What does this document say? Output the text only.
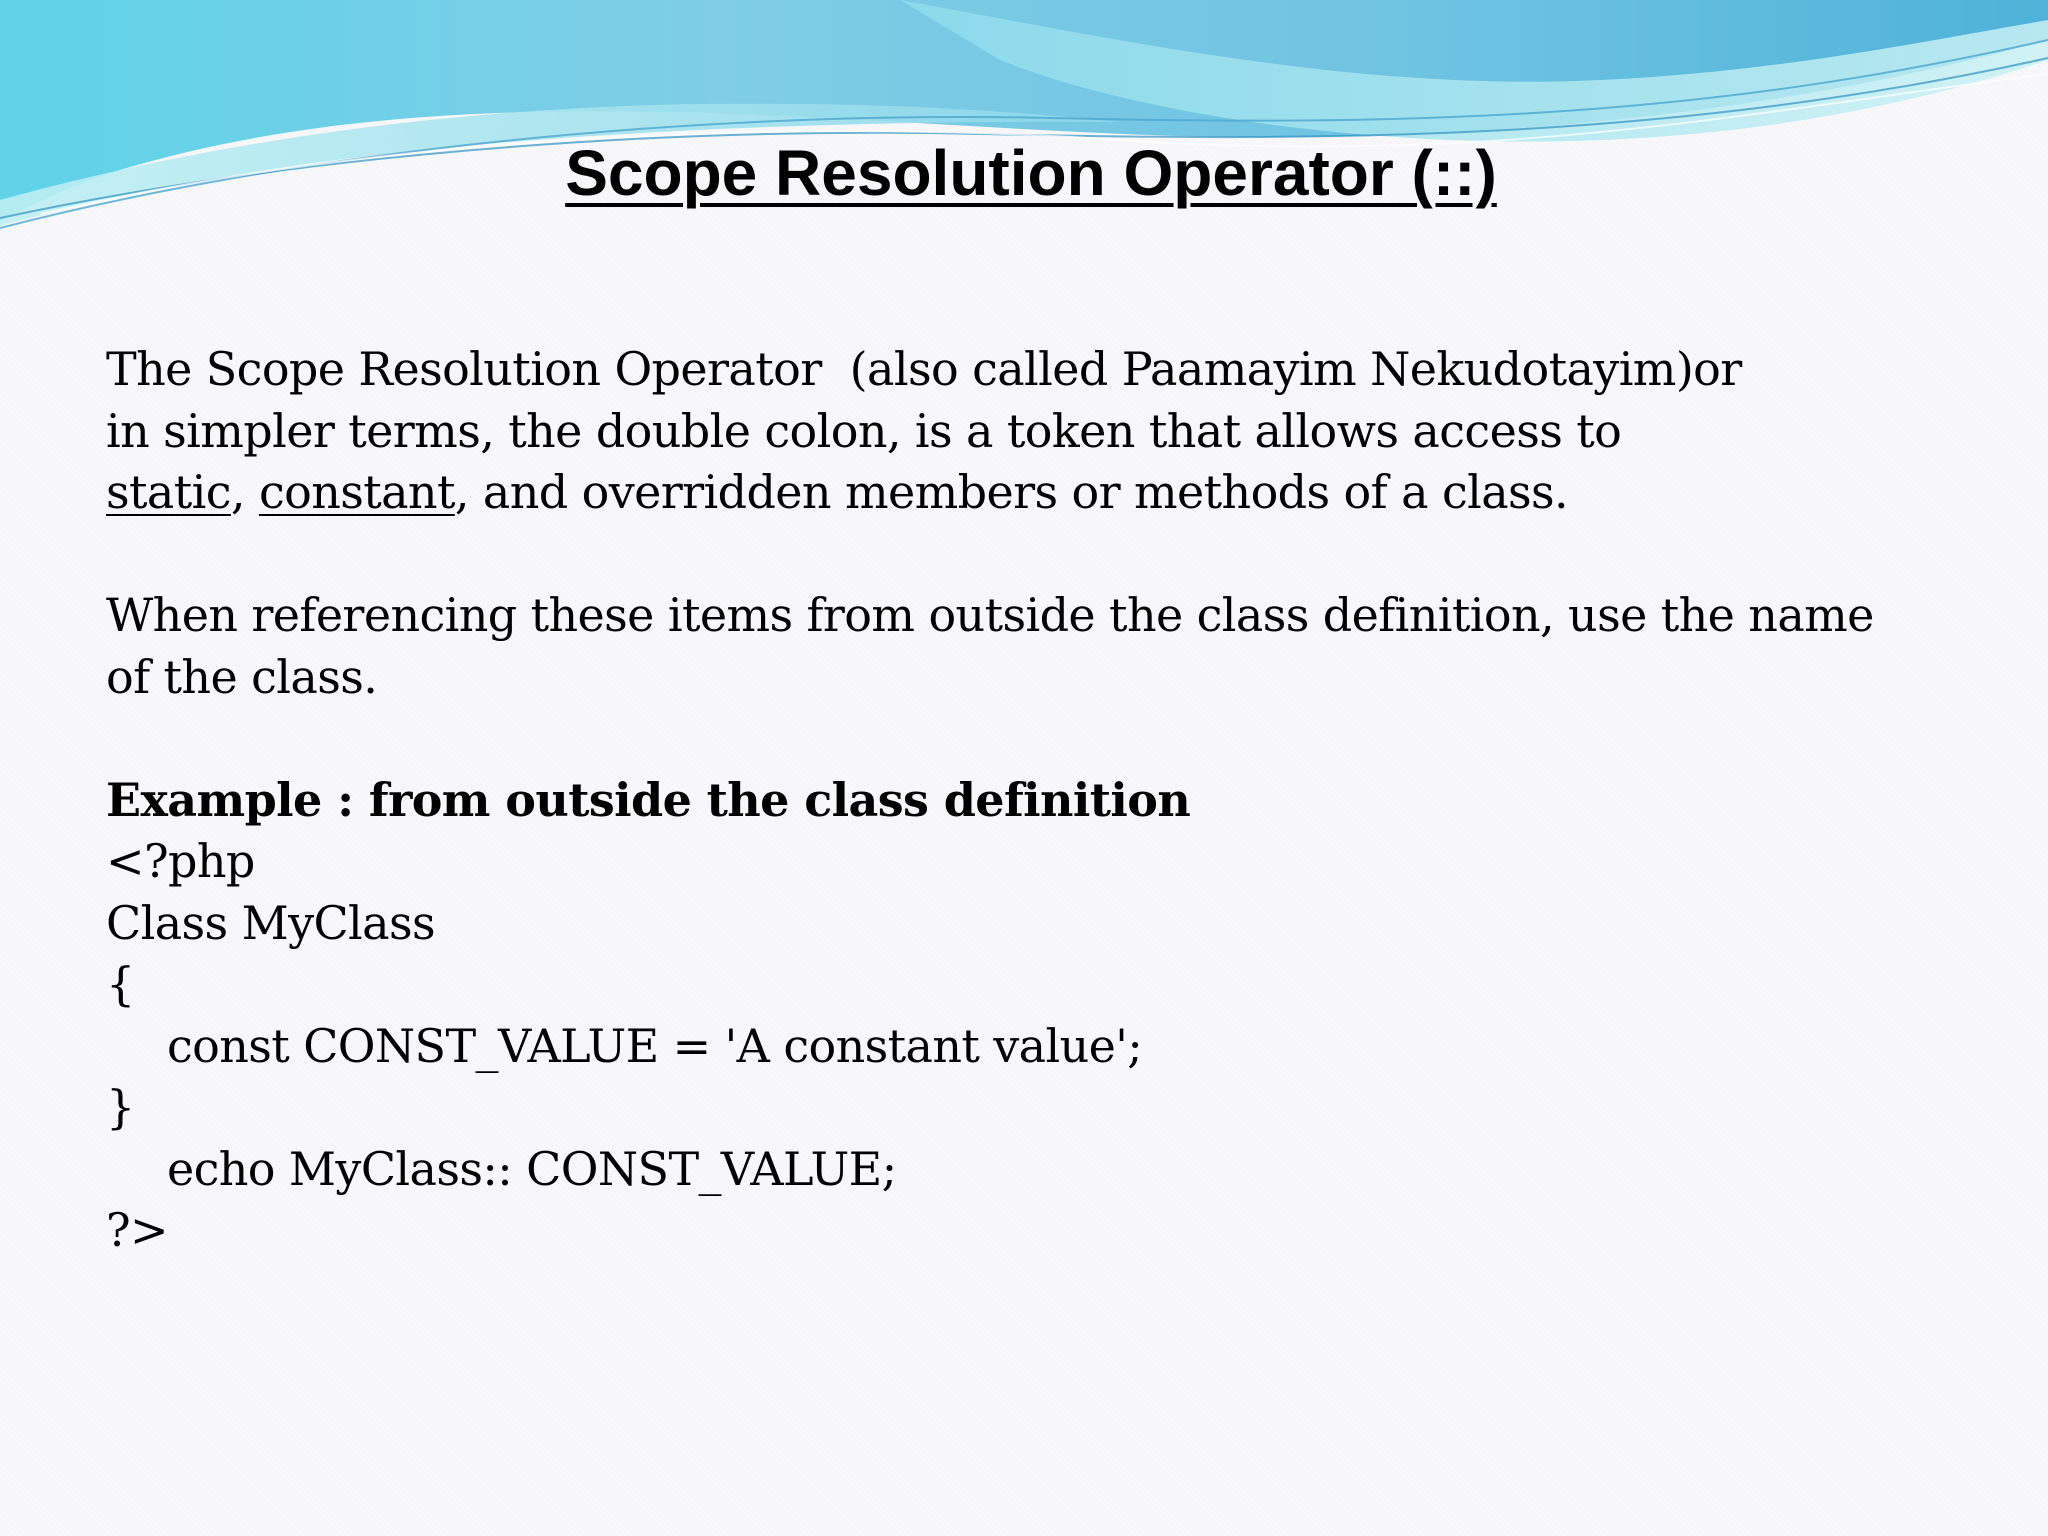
Scope Resolution Operator (::)
The Scope Resolution Operator  (also called Paamayim Nekudotayim)or
in simpler terms, the double colon, is a token that allows access to
static, constant, and overridden members or methods of a class.
When referencing these items from outside the class definition, use the name
of the class.
Example : from outside the class definition
<?php
Class MyClass
{
const CONST_VALUE = 'A constant value';
}
echo MyClass:: CONST_VALUE;
?>
